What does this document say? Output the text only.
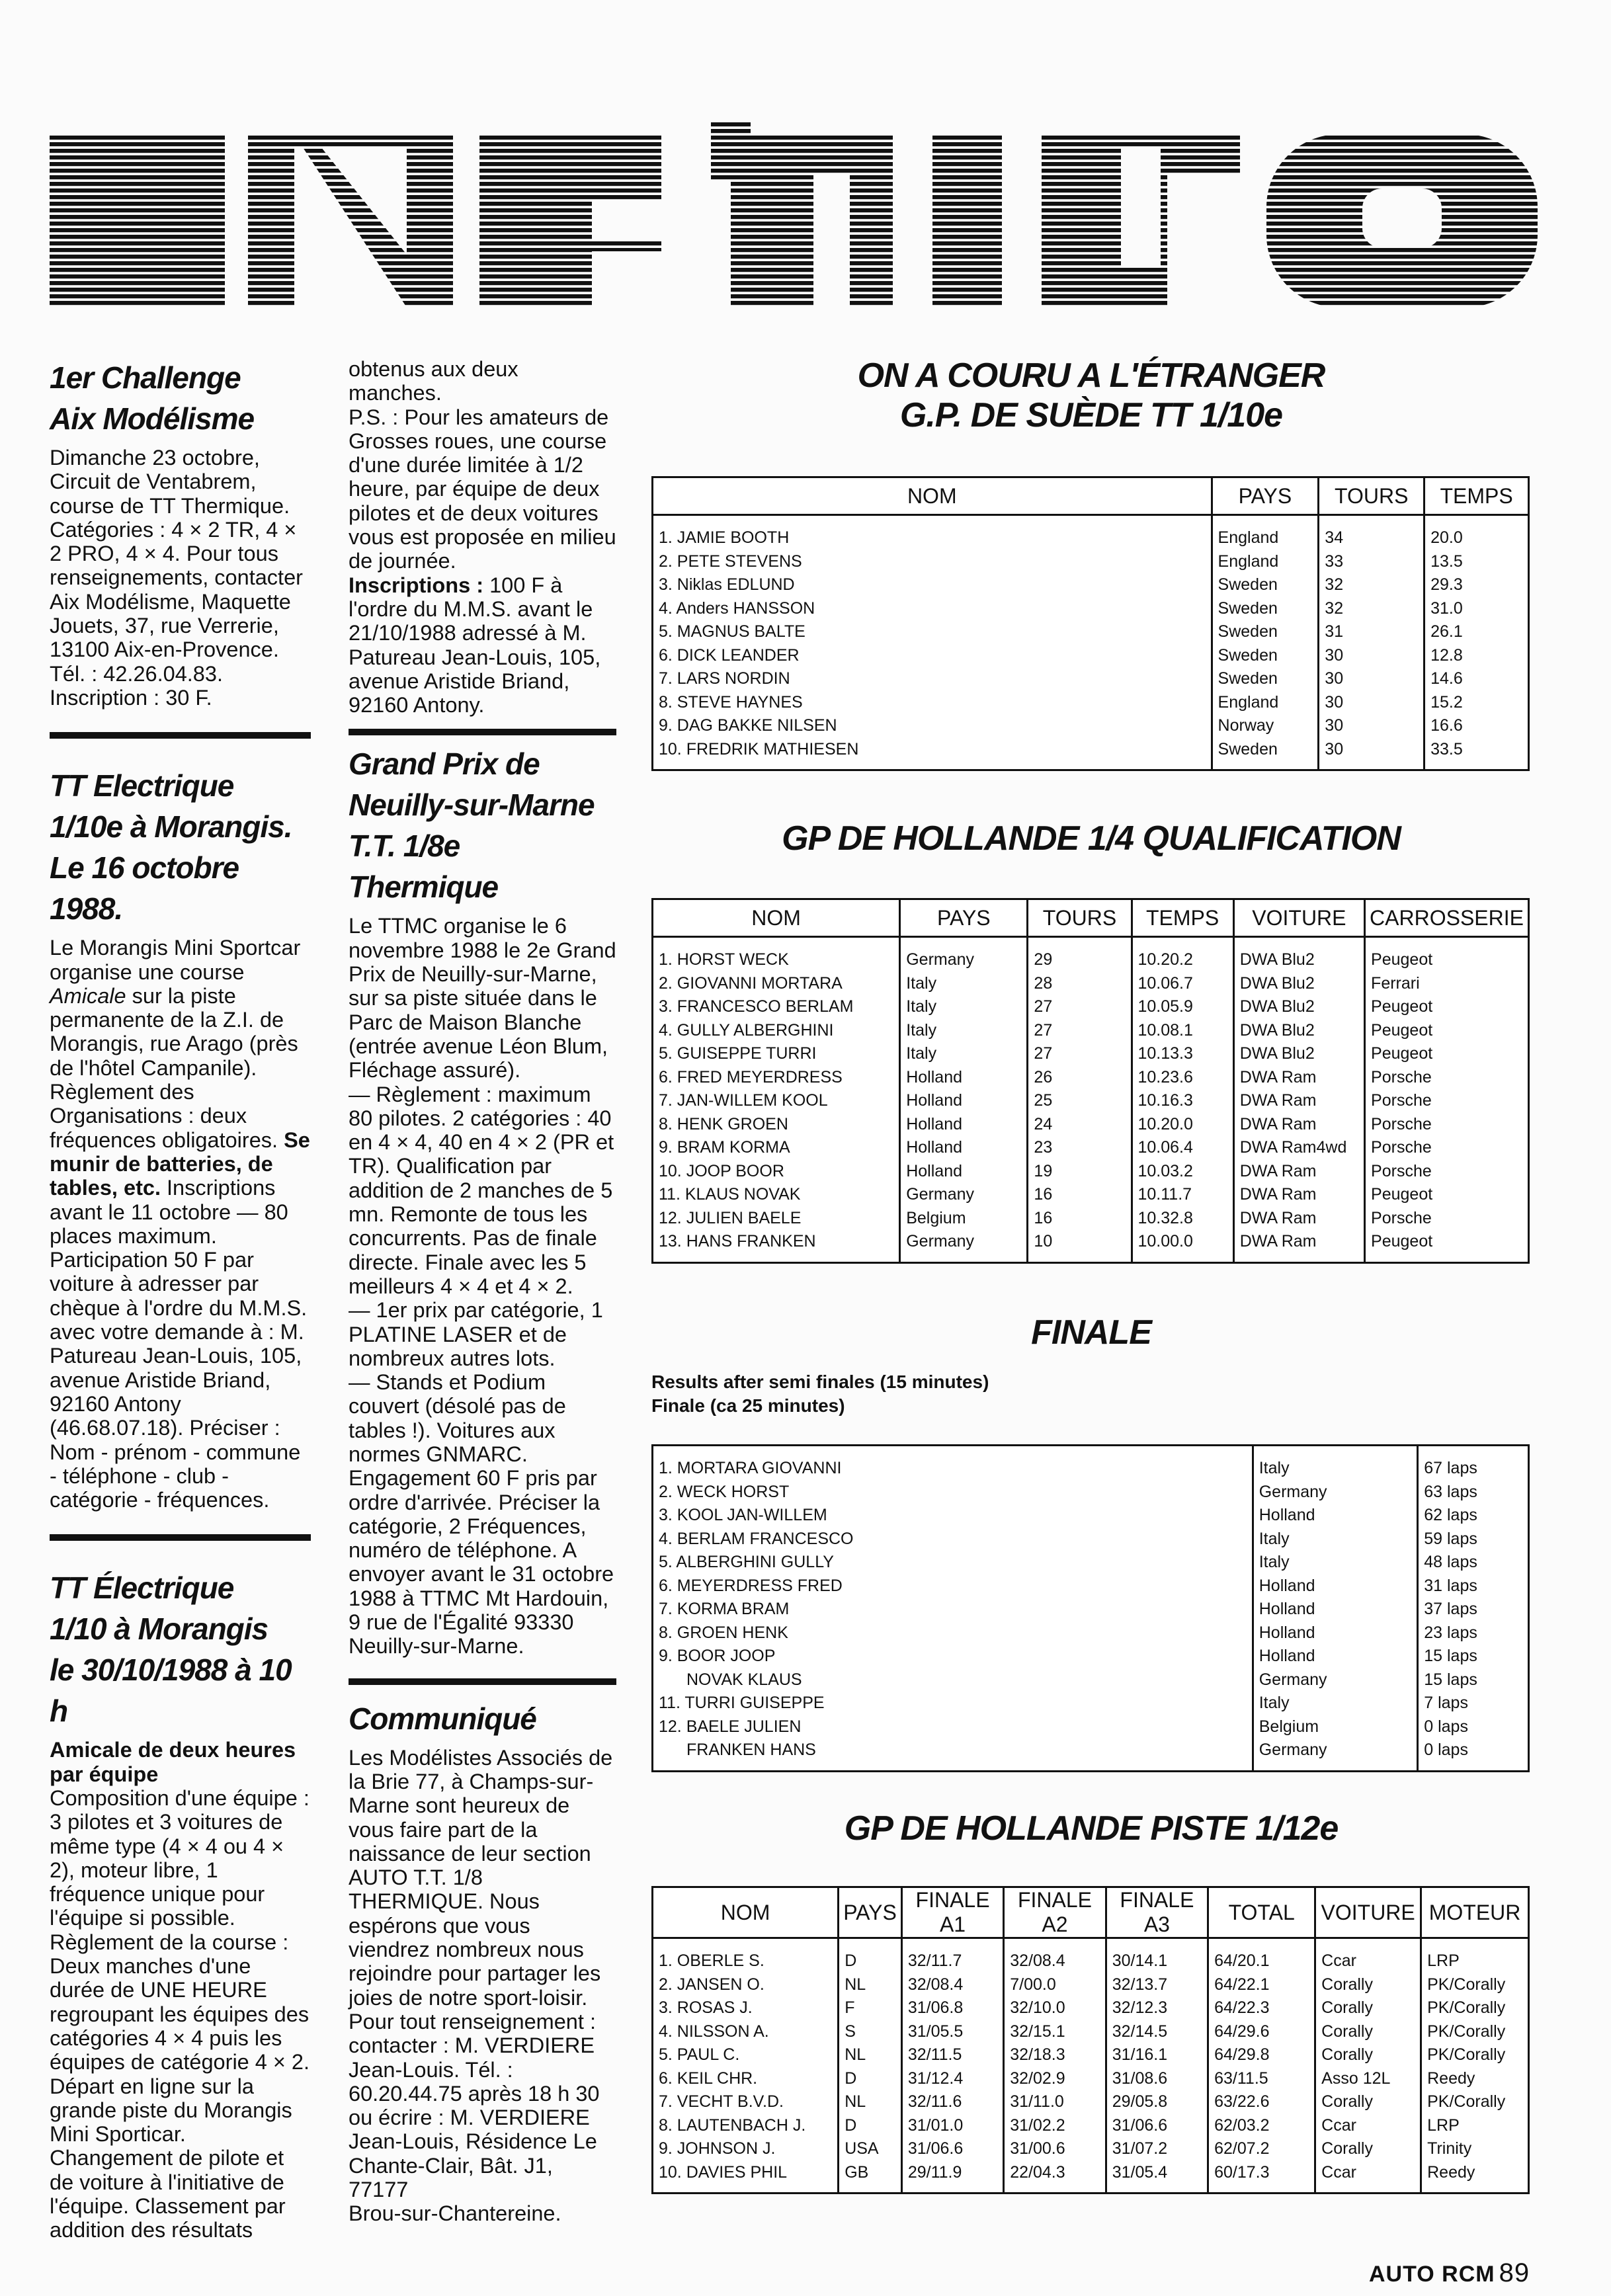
1er Challenge
Aix Modélisme

Dimanche 23 octobre, Circuit de Ventabrem, course de TT Thermique. Catégories : 4 × 2 TR, 4 × 2 PRO, 4 × 4. Pour tous renseignements, contacter Aix Modélisme, Maquette Jouets, 37, rue Verrerie, 13100 Aix-en-Provence.
Tél. : 42.26.04.83.
Inscription : 30 F.

TT Electrique
1/10e à Morangis.
Le 16 octobre 1988.

Le Morangis Mini Sportcar organise une course Amicale sur la piste permanente de la Z.I. de Morangis, rue Arago (près de l'hôtel Campanile). Règlement des Organisations : deux fréquences obligatoires. Se munir de batteries, de tables, etc. Inscriptions avant le 11 octobre — 80 places maximum. Participation 50 F par voiture à adresser par chèque à l'ordre du M.M.S. avec votre demande à : M. Patureau Jean-Louis, 105, avenue Aristide Briand, 92160 Antony (46.68.07.18). Préciser : Nom - prénom - commune - téléphone - club - catégorie - fréquences.

TT Électrique
1/10 à Morangis
le 30/10/1988 à 10 h

Amicale de deux heures par équipe

Composition d'une équipe : 3 pilotes et 3 voitures de même type (4 × 4 ou 4 × 2), moteur libre, 1 fréquence unique pour l'équipe si possible.
Règlement de la course : Deux manches d'une durée de UNE HEURE regroupant les équipes des catégories 4 × 4 puis les équipes de catégorie 4 × 2. Départ en ligne sur la grande piste du Morangis Mini Sporticar. Changement de pilote et de voiture à l'initiative de l'équipe. Classement par addition des résultats

obtenus aux deux manches.
P.S. : Pour les amateurs de Grosses roues, une course d'une durée limitée à 1/2 heure, par équipe de deux pilotes et de deux voitures vous est proposée en milieu de journée.
Inscriptions : 100 F à l'ordre du M.M.S. avant le 21/10/1988 adressé à M. Patureau Jean-Louis, 105, avenue Aristide Briand, 92160 Antony.

Grand Prix de
Neuilly-sur-Marne
T.T. 1/8e Thermique

Le TTMC organise le 6 novembre 1988 le 2e Grand Prix de Neuilly-sur-Marne, sur sa piste située dans le Parc de Maison Blanche (entrée avenue Léon Blum, Fléchage assuré).
— Règlement : maximum 80 pilotes. 2 catégories : 40 en 4 × 4, 40 en 4 × 2 (PR et TR). Qualification par addition de 2 manches de 5 mn. Remonte de tous les concurrents. Pas de finale directe. Finale avec les 5 meilleurs 4 × 4 et 4 × 2.
— 1er prix par catégorie, 1 PLATINE LASER et de nombreux autres lots.
— Stands et Podium couvert (désolé pas de tables !). Voitures aux normes GNMARC. Engagement 60 F pris par ordre d'arrivée. Préciser la catégorie, 2 Fréquences, numéro de téléphone. A envoyer avant le 31 octobre 1988 à TTMC Mt Hardouin, 9 rue de l'Égalité 93330 Neuilly-sur-Marne.

Communiqué

Les Modélistes Associés de la Brie 77, à Champs-sur-Marne sont heureux de vous faire part de la naissance de leur section AUTO T.T. 1/8 THERMIQUE. Nous espérons que vous viendrez nombreux nous rejoindre pour partager les joies de notre sport-loisir.
Pour tout renseignement : contacter : M. VERDIERE Jean-Louis. Tél. : 60.20.44.75 après 18 h 30 ou écrire : M. VERDIERE Jean-Louis, Résidence Le Chante-Clair, Bât. J1, 77177
Brou-sur-Chantereine.

ON A COURU A L'ÉTRANGER
G.P. DE SUÈDE TT 1/10e
NOM	PAYS	TOURS	TEMPS
1. JAMIE BOOTH	England	34	20.0
2. PETE STEVENS	England	33	13.5
3. Niklas EDLUND	Sweden	32	29.3
4. Anders HANSSON	Sweden	32	31.0
5. MAGNUS BALTE	Sweden	31	26.1
6. DICK LEANDER	Sweden	30	12.8
7. LARS NORDIN	Sweden	30	14.6
8. STEVE HAYNES	England	30	15.2
9. DAG BAKKE NILSEN	Norway	30	16.6
10. FREDRIK MATHIESEN	Sweden	30	33.5
GP DE HOLLANDE 1/4 QUALIFICATION
NOM	PAYS	TOURS	TEMPS	VOITURE	CARROSSERIE
1. HORST WECK	Germany	29	10.20.2	DWA Blu2	Peugeot
2. GIOVANNI MORTARA	Italy	28	10.06.7	DWA Blu2	Ferrari
3. FRANCESCO BERLAM	Italy	27	10.05.9	DWA Blu2	Peugeot
4. GULLY ALBERGHINI	Italy	27	10.08.1	DWA Blu2	Peugeot
5. GUISEPPE TURRI	Italy	27	10.13.3	DWA Blu2	Peugeot
6. FRED MEYERDRESS	Holland	26	10.23.6	DWA Ram	Porsche
7. JAN-WILLEM KOOL	Holland	25	10.16.3	DWA Ram	Porsche
8. HENK GROEN	Holland	24	10.20.0	DWA Ram	Porsche
9. BRAM KORMA	Holland	23	10.06.4	DWA Ram4wd	Porsche
10. JOOP BOOR	Holland	19	10.03.2	DWA Ram	Porsche
11. KLAUS NOVAK	Germany	16	10.11.7	DWA Ram	Peugeot
12. JULIEN BAELE	Belgium	16	10.32.8	DWA Ram	Porsche
13. HANS FRANKEN	Germany	10	10.00.0	DWA Ram	Peugeot
FINALE

Results after semi finales (15 minutes)

Finale (ca 25 minutes)

1. MORTARA GIOVANNI	Italy	67 laps
2. WECK HORST	Germany	63 laps
3. KOOL JAN-WILLEM	Holland	62 laps
4. BERLAM FRANCESCO	Italy	59 laps
5. ALBERGHINI GULLY	Italy	48 laps
6. MEYERDRESS FRED	Holland	31 laps
7. KORMA BRAM	Holland	37 laps
8. GROEN HENK	Holland	23 laps
9. BOOR JOOP	Holland	15 laps
NOVAK KLAUS	Germany	15 laps
11. TURRI GUISEPPE	Italy	7 laps
12. BAELE JULIEN	Belgium	0 laps
FRANKEN HANS	Germany	0 laps
GP DE HOLLANDE PISTE 1/12e
NOM	PAYS	FINALE A1	FINALE A2	FINALE A3	TOTAL	VOITURE	MOTEUR
1. OBERLE S.	D	32/11.7	32/08.4	30/14.1	64/20.1	Ccar	LRP
2. JANSEN O.	NL	32/08.4	7/00.0	32/13.7	64/22.1	Corally	PK/Corally
3. ROSAS J.	F	31/06.8	32/10.0	32/12.3	64/22.3	Corally	PK/Corally
4. NILSSON A.	S	31/05.5	32/15.1	32/14.5	64/29.6	Corally	PK/Corally
5. PAUL C.	NL	32/11.5	32/18.3	31/16.1	64/29.8	Corally	PK/Corally
6. KEIL CHR.	D	31/12.4	32/02.9	31/08.6	63/11.5	Asso 12L	Reedy
7. VECHT B.V.D.	NL	32/11.6	31/11.0	29/05.8	63/22.6	Corally	PK/Corally
8. LAUTENBACH J.	D	31/01.0	31/02.2	31/06.6	62/03.2	Ccar	LRP
9. JOHNSON J.	USA	31/06.6	31/00.6	31/07.2	62/07.2	Corally	Trinity
10. DAVIES PHIL	GB	29/11.9	22/04.3	31/05.4	60/17.3	Ccar	Reedy
AUTO RCM 89
